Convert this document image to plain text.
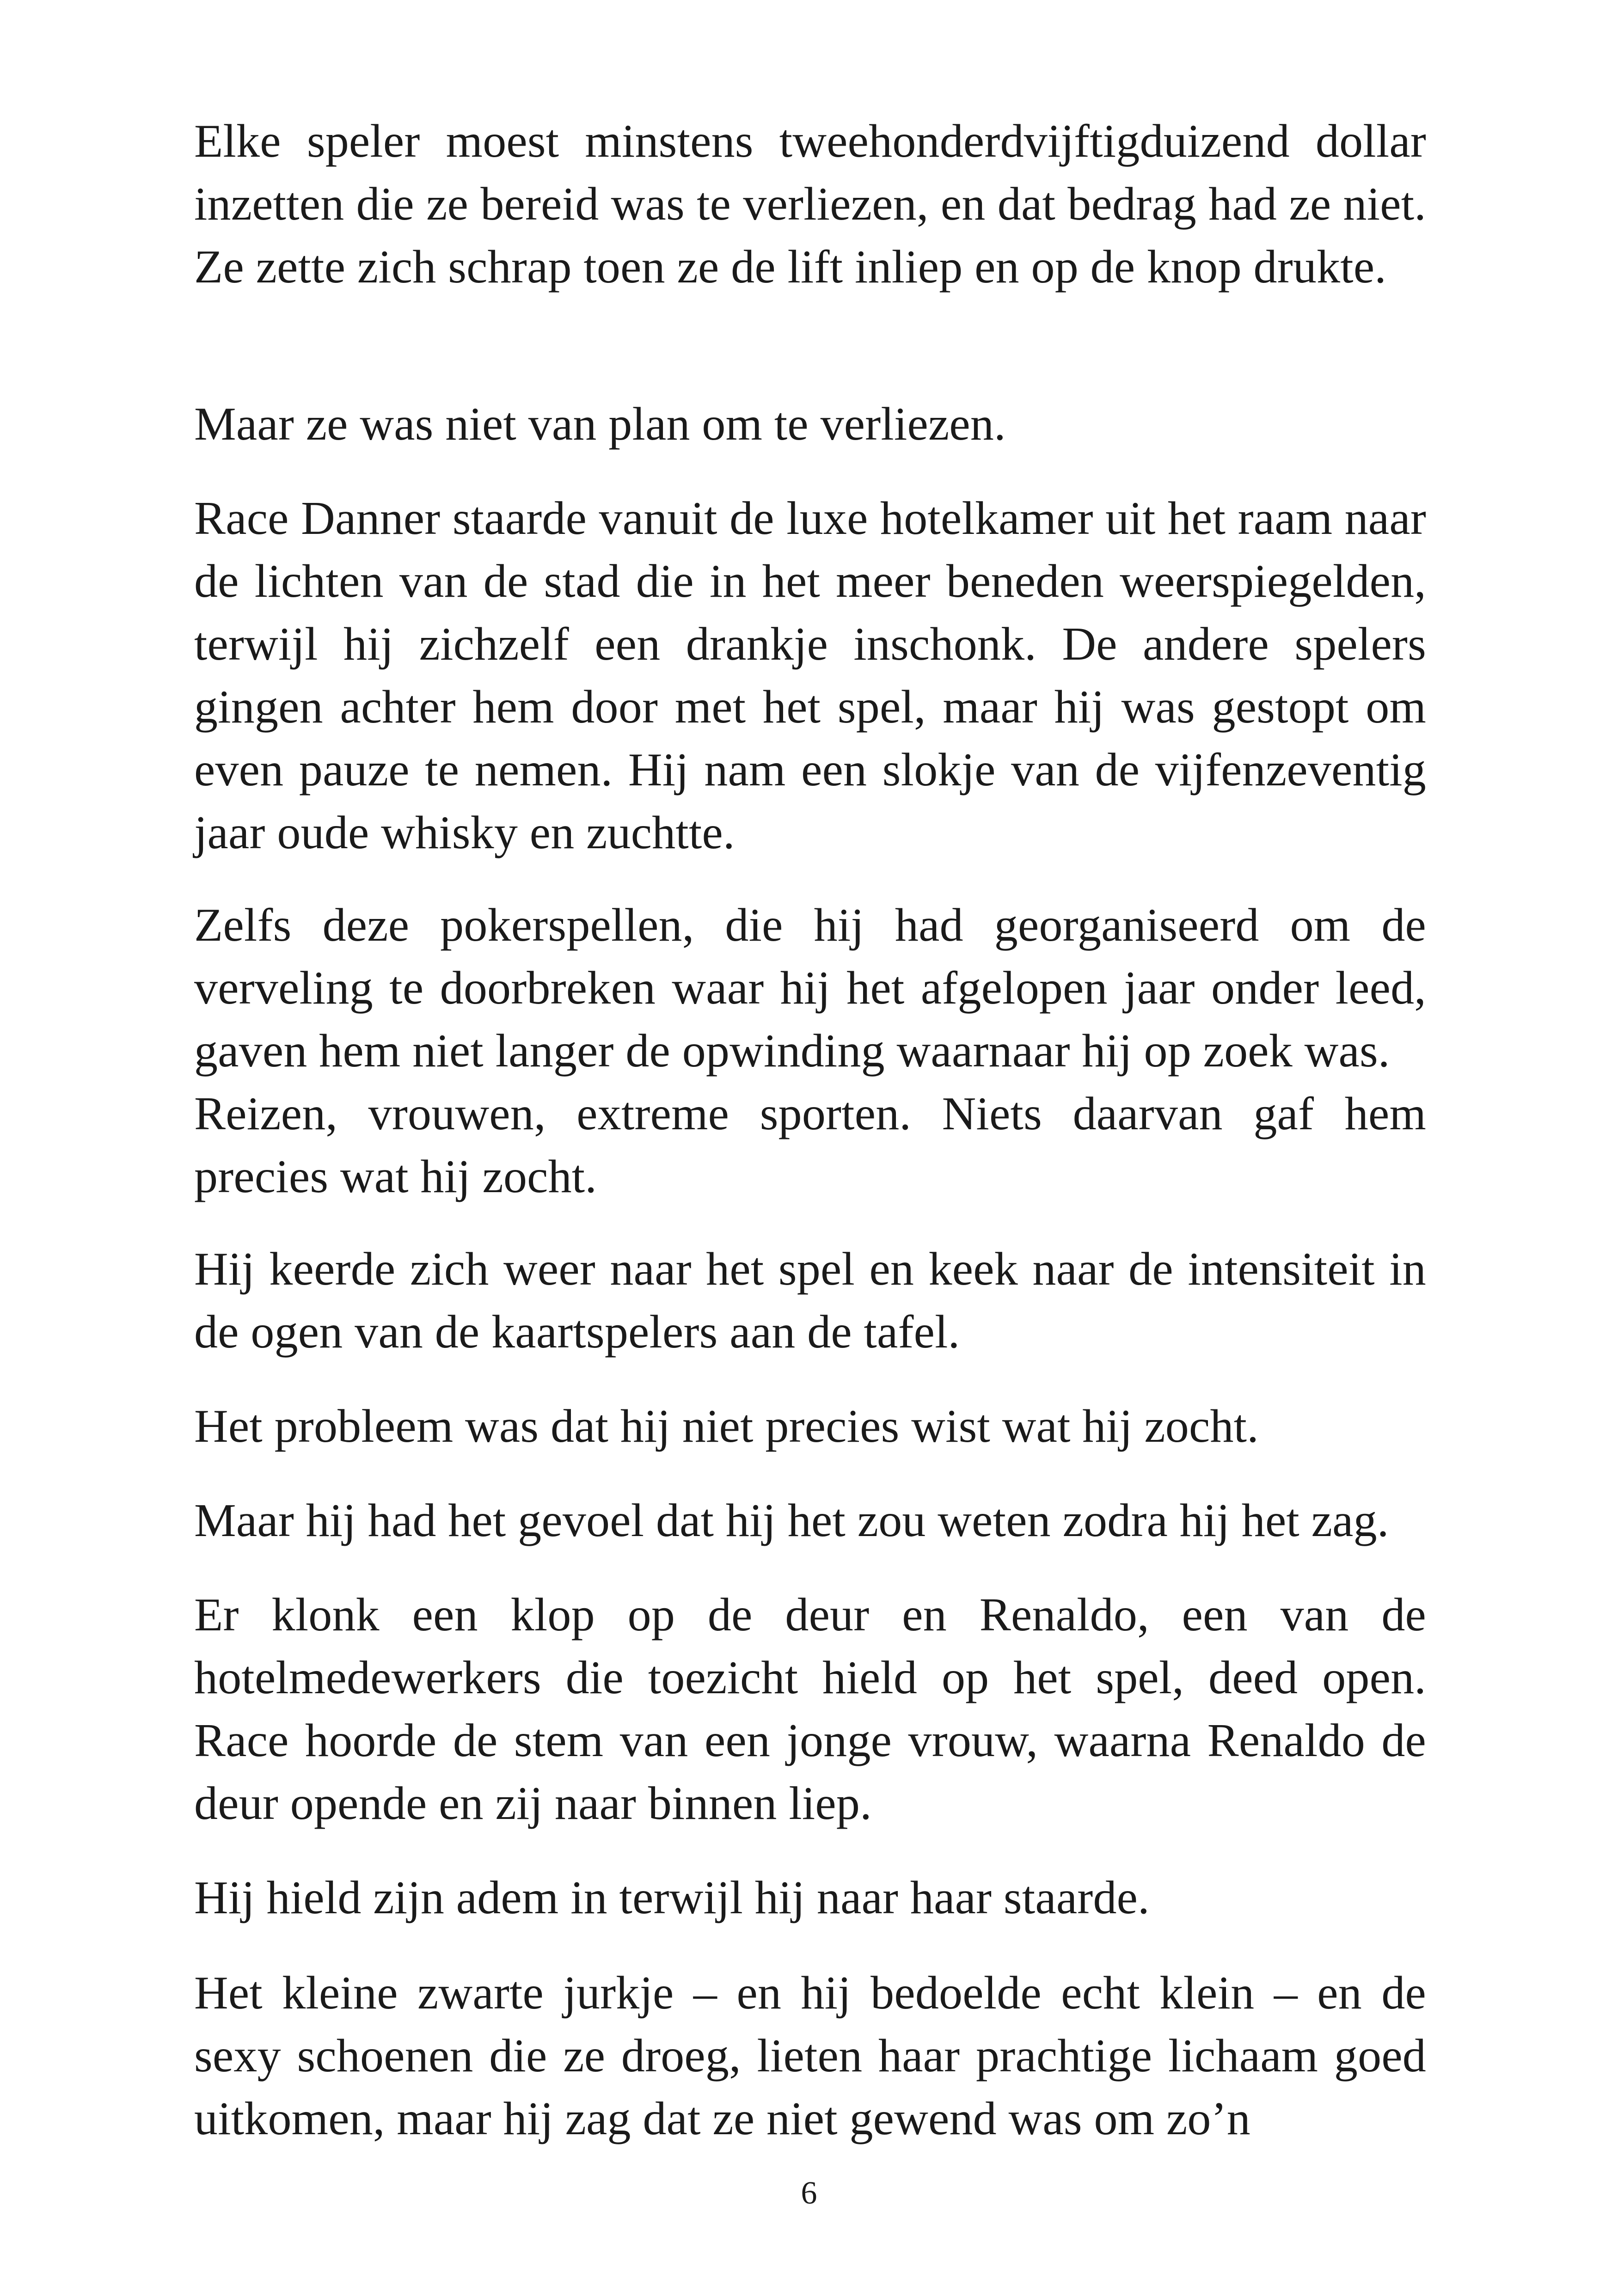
Elke speler moest minstens tweehonderdvijftigduizend dollar inzetten die ze bereid was te verliezen, en dat bedrag had ze niet. Ze zette zich schrap toen ze de lift inliep en op de knop drukte.

Maar ze was niet van plan om te verliezen.

Race Danner staarde vanuit de luxe hotelkamer uit het raam naar de lichten van de stad die in het meer beneden weerspiegelden, terwijl hij zichzelf een drankje inschonk. De andere spelers gingen achter hem door met het spel, maar hij was gestopt om even pauze te nemen. Hij nam een slokje van de vijfenzeventig jaar oude whisky en zuchtte.

Zelfs deze pokerspellen, die hij had georganiseerd om de verveling te doorbreken waar hij het afgelopen jaar onder leed, gaven hem niet langer de opwinding waarnaar hij op zoek was.

Reizen, vrouwen, extreme sporten. Niets daarvan gaf hem precies wat hij zocht.

Hij keerde zich weer naar het spel en keek naar de intensiteit in de ogen van de kaartspelers aan de tafel.

Het probleem was dat hij niet precies wist wat hij zocht.

Maar hij had het gevoel dat hij het zou weten zodra hij het zag.

Er klonk een klop op de deur en Renaldo, een van de hotelmedewerkers die toezicht hield op het spel, deed open. Race hoorde de stem van een jonge vrouw, waarna Renaldo de deur opende en zij naar binnen liep.

Hij hield zijn adem in terwijl hij naar haar staarde.

Het kleine zwarte jurkje – en hij bedoelde echt klein – en de sexy schoenen die ze droeg, lieten haar prachtige lichaam goed uitkomen, maar hij zag dat ze niet gewend was om zo’n

6
